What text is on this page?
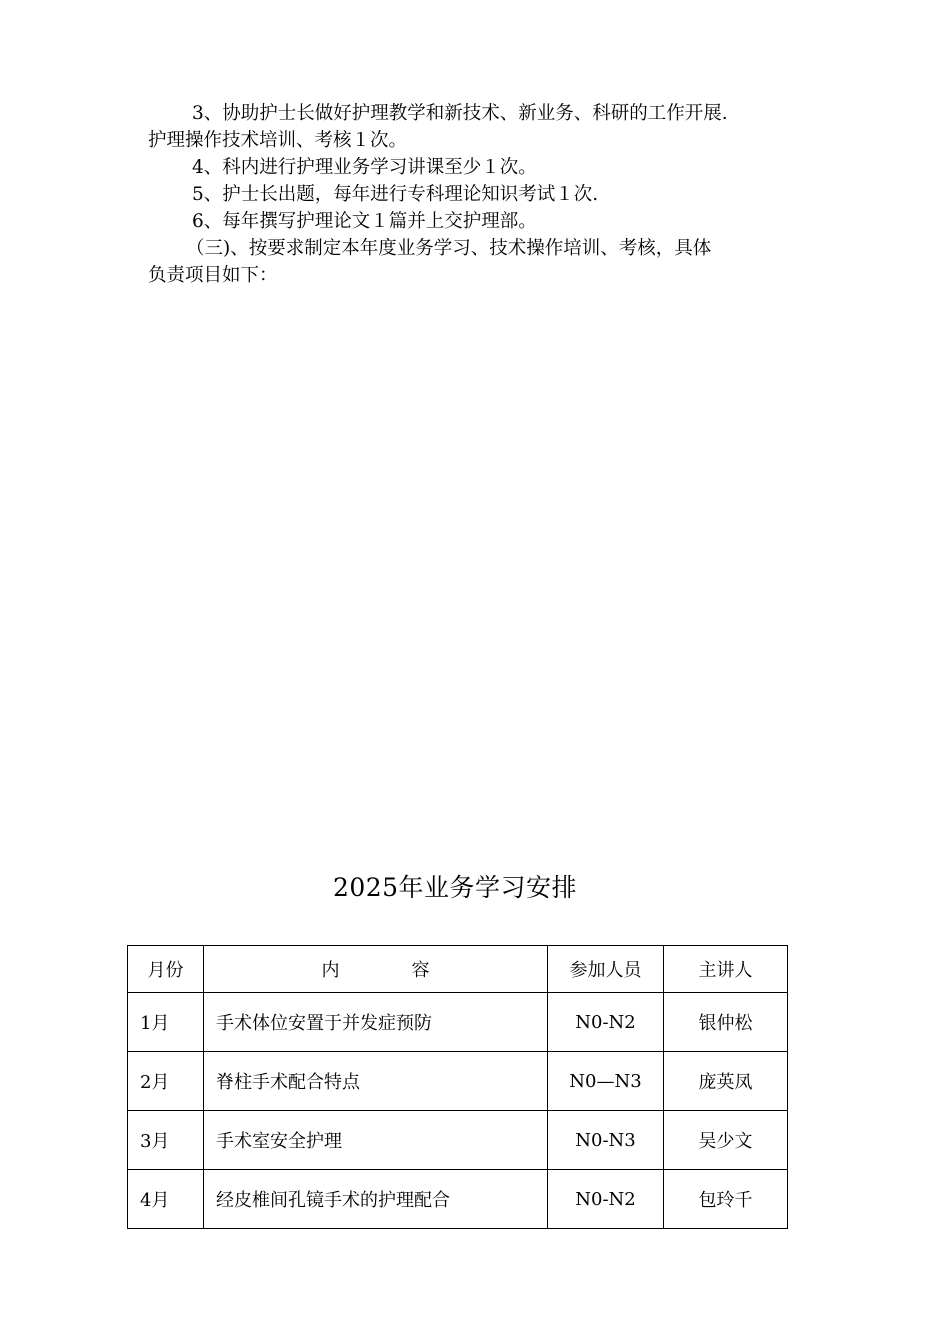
3、协助护士长做好护理教学和新技术、新业务、科研的工作开展.
护理操作技术培训、考核１次。

4、科内进行护理业务学习讲课至少１次。

5、护士长出题，每年进行专科理论知识考试１次.

6、每年撰写护理论文１篇并上交护理部。

（三)、按要求制定本年度业务学习、技术操作培训、考核，具体
负责项目如下：

2025年业务学习安排
月份	内　　　　容	参加人员	主讲人
1月	手术体位安置于并发症预防	N0-N2	银仲松
2月	脊柱手术配合特点	N0—N3	庞英凤
3月	手术室安全护理	N0-N3	吴少文
4月	经皮椎间孔镜手术的护理配合	N0-N2	包玲千
